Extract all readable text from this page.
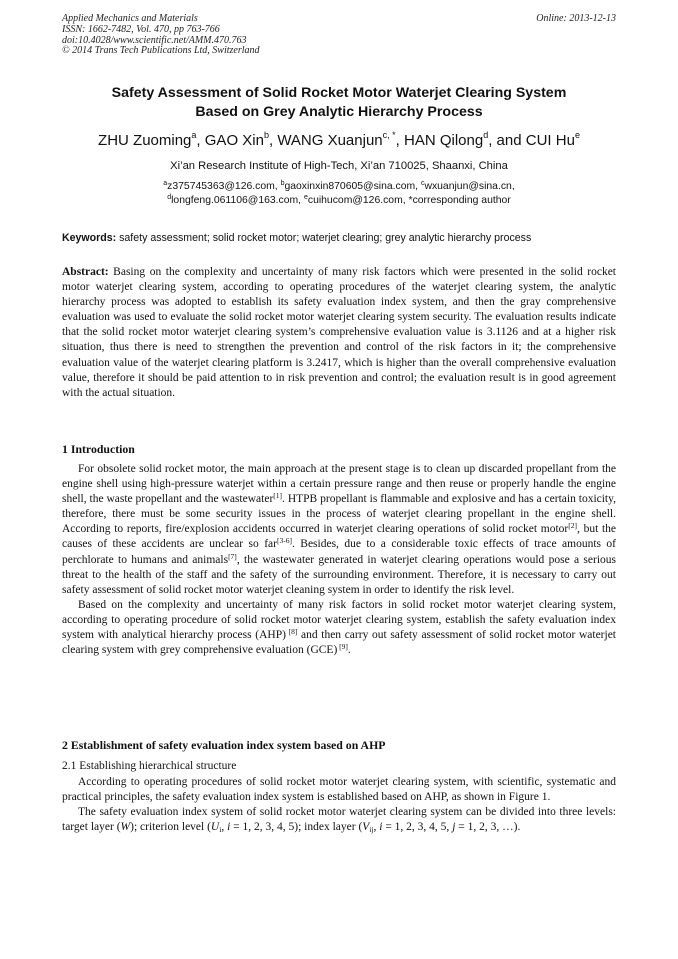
Applied Mechanics and Materials
ISSN: 1662-7482, Vol. 470, pp 763-766
doi:10.4028/www.scientific.net/AMM.470.763
© 2014 Trans Tech Publications Ltd, Switzerland
Online: 2013-12-13
Safety Assessment of Solid Rocket Motor Waterjet Clearing System
Based on Grey Analytic Hierarchy Process
ZHU Zuoming$^a$, GAO Xin$^b$, WANG Xuanjun$^{c, *}$, HAN Qilong$^d$, and CUI Hu$^e$
Xi’an Research Institute of High-Tech, Xi’an 710025, Shaanxi, China
$^a$z375745363@126.com, $^b$gaoxinxin870605@sina.com, $^c$wxuanjun@sina.cn,
$^d$longfeng.061106@163.com, $^e$cuihucom@126.com, *corresponding author
Keywords: safety assessment; solid rocket motor; waterjet clearing; grey analytic hierarchy process

Abstract: Basing on the complexity and uncertainty of many risk factors which were presented in the solid rocket motor waterjet clearing system, according to operating procedures of the waterjet clearing system, the analytic hierarchy process was adopted to establish its safety evaluation index system, and then the gray comprehensive evaluation was used to evaluate the solid rocket motor waterjet clearing system security. The evaluation results indicate that the solid rocket motor waterjet clearing system’s comprehensive evaluation value is 3.1126 and at a higher risk situation, thus there is need to strengthen the prevention and control of the risk factors in it; the comprehensive evaluation value of the waterjet clearing platform is 3.2417, which is higher than the overall comprehensive evaluation value, therefore it should be paid attention to in risk prevention and control; the evaluation result is in good agreement with the actual situation.

1 Introduction

For obsolete solid rocket motor, the main approach at the present stage is to clean up discarded propellant from the engine shell using high-pressure waterjet within a certain pressure range and then reuse or properly handle the engine shell, the waste propellant and the wastewater[1]. HTPB propellant is flammable and explosive and has a certain toxicity, therefore, there must be some security issues in the process of waterjet clearing propellant in the engine shell. According to reports, fire/explosion accidents occurred in waterjet clearing operations of solid rocket motor[2], but the causes of these accidents are unclear so far[3-6]. Besides, due to a considerable toxic effects of trace amounts of perchlorate to humans and animals[7], the wastewater generated in waterjet clearing operations would pose a serious threat to the health of the staff and the safety of the surrounding environment. Therefore, it is necessary to carry out safety assessment of solid rocket motor waterjet cleaning system in order to identify the risk level.

Based on the complexity and uncertainty of many risk factors in solid rocket motor waterjet clearing system, according to operating procedure of solid rocket motor waterjet clearing system, establish the safety evaluation index system with analytical hierarchy process (AHP) [8] and then carry out safety assessment of solid rocket motor waterjet clearing system with grey comprehensive evaluation (GCE) [9].

2 Establishment of safety evaluation index system based on AHP
2.1 Establishing hierarchical structure

According to operating procedures of solid rocket motor waterjet clearing system, with scientific, systematic and practical principles, the safety evaluation index system is established based on AHP, as shown in Figure 1.

The safety evaluation index system of solid rocket motor waterjet clearing system can be divided into three levels: target layer (W); criterion level ($U_i$, i = 1, 2, 3, 4, 5); index layer ($V_{ij}$, i = 1, 2, 3, 4, 5, j = 1, 2, 3, …).
